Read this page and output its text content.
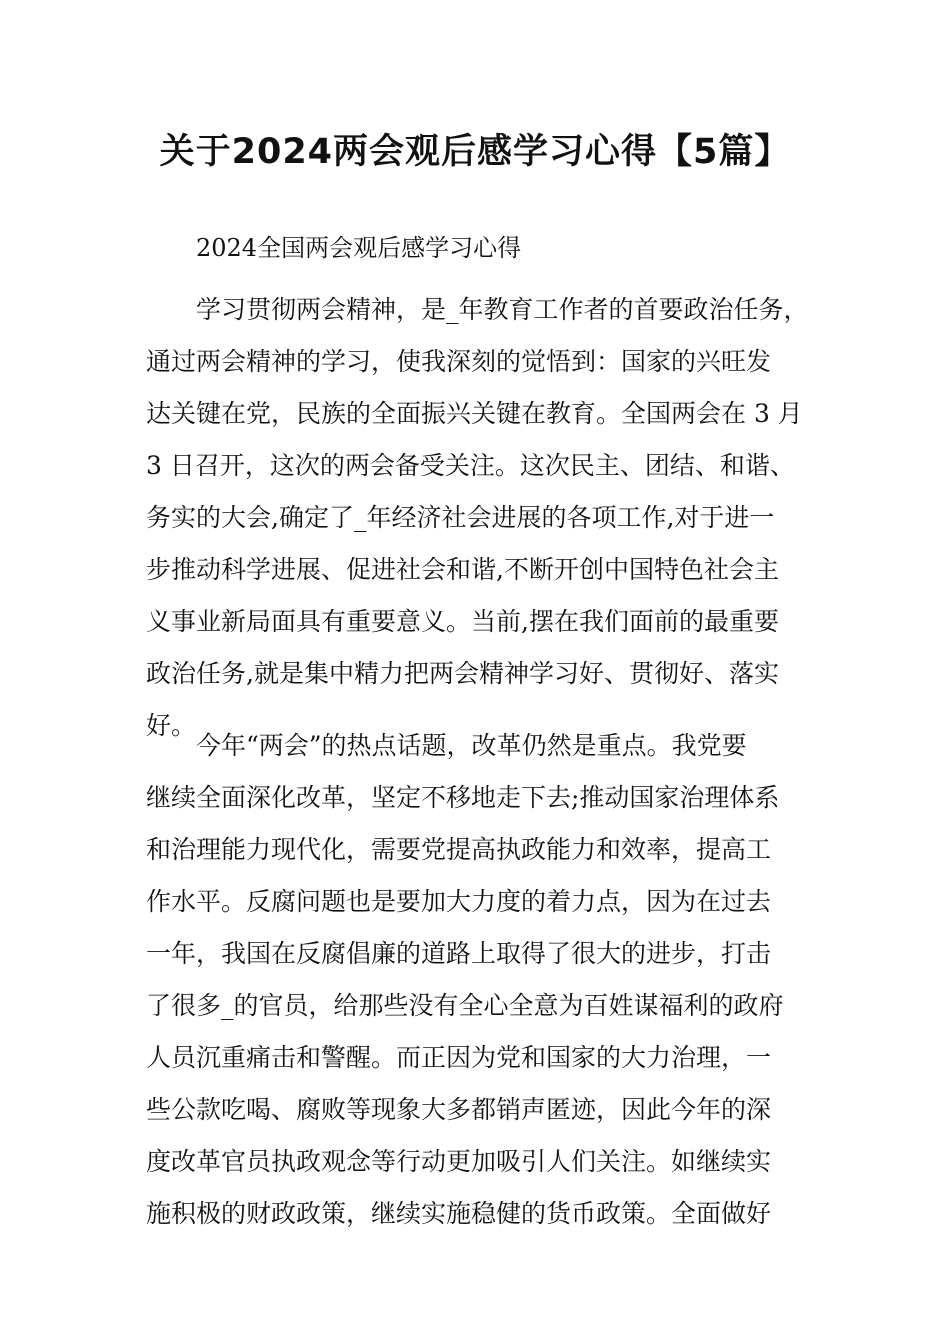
关于2024两会观后感学习心得【5篇】

2024全国两会观后感学习心得

学习贯彻两会精神，是_年教育工作者的首要政治任务，
通过两会精神的学习，使我深刻的觉悟到：国家的兴旺发
达关键在党，民族的全面振兴关键在教育。全国两会在 3 月
3 日召开，这次的两会备受关注。这次民主、团结、和谐、
务实的大会,确定了_年经济社会进展的各项工作,对于进一
步推动科学进展、促进社会和谐,不断开创中国特色社会主
义事业新局面具有重要意义。当前,摆在我们面前的最重要
政治任务,就是集中精力把两会精神学习好、贯彻好、落实
好。
今年“两会”的热点话题，改革仍然是重点。我党要
继续全面深化改革，坚定不移地走下去;推动国家治理体系
和治理能力现代化，需要党提高执政能力和效率，提高工
作水平。反腐问题也是要加大力度的着力点，因为在过去
一年，我国在反腐倡廉的道路上取得了很大的进步，打击
了很多_的官员，给那些没有全心全意为百姓谋福利的政府
人员沉重痛击和警醒。而正因为党和国家的大力治理，一
些公款吃喝、腐败等现象大多都销声匿迹，因此今年的深
度改革官员执政观念等行动更加吸引人们关注。如继续实
施积极的财政政策，继续实施稳健的货币政策。全面做好
